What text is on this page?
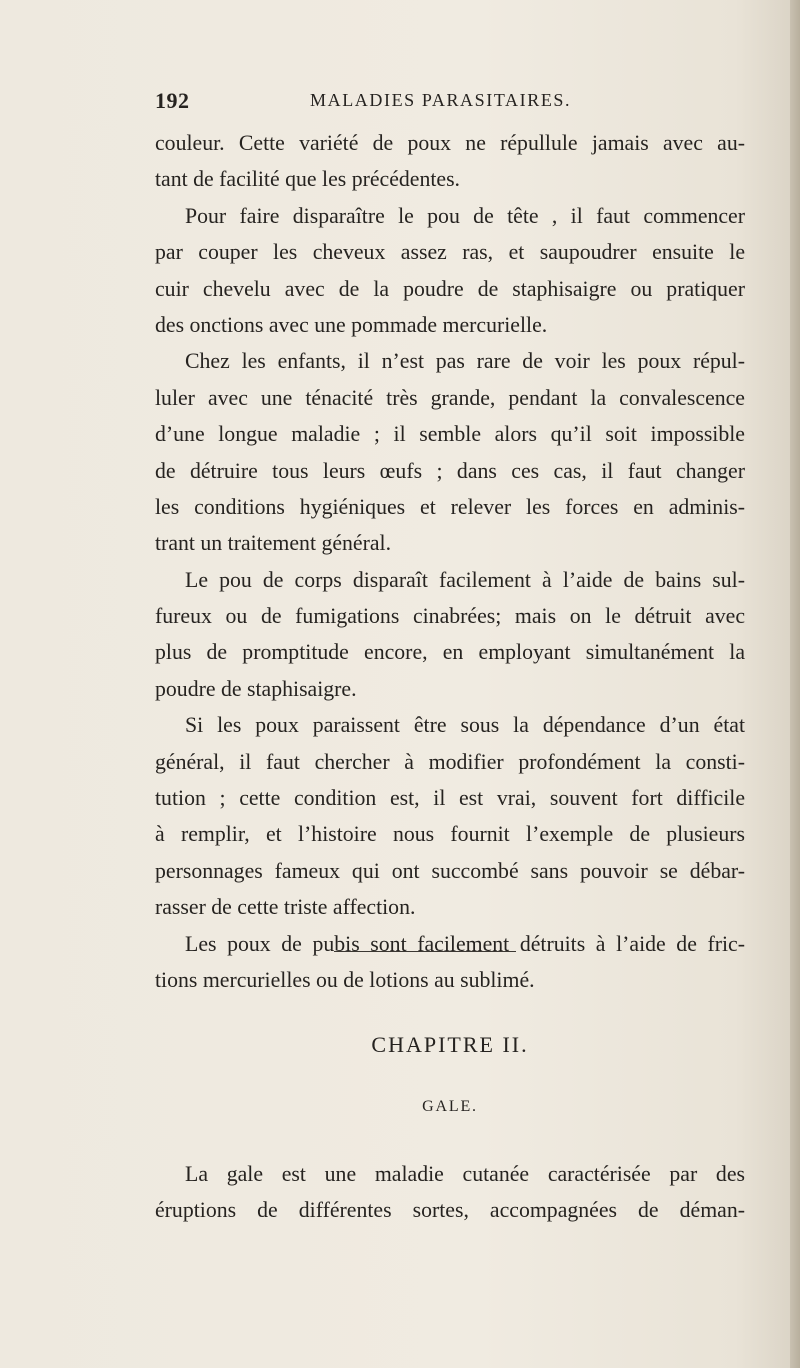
192	MALADIES PARASITAIRES.
couleur. Cette variété de poux ne répullule jamais avec au-
tant de facilité que les précédentes.
Pour faire disparaître le pou de tête , il faut commencer
par couper les cheveux assez ras, et saupoudrer ensuite le
cuir chevelu avec de la poudre de staphisaigre ou pratiquer
des onctions avec une pommade mercurielle.
Chez les enfants, il n’est pas rare de voir les poux répul-
luler avec une ténacité très grande, pendant la convalescence
d’une longue maladie ; il semble alors qu’il soit impossible
de détruire tous leurs œufs ; dans ces cas, il faut changer
les conditions hygiéniques et relever les forces en adminis-
trant un traitement général.
Le pou de corps disparaît facilement à l’aide de bains sul-
fureux ou de fumigations cinabrées; mais on le détruit avec
plus de promptitude encore, en employant simultanément la
poudre de staphisaigre.
Si les poux paraissent être sous la dépendance d’un état
général, il faut chercher à modifier profondément la consti-
tution ; cette condition est, il est vrai, souvent fort difficile
à remplir, et l’histoire nous fournit l’exemple de plusieurs
personnages fameux qui ont succombé sans pouvoir se débar-
rasser de cette triste affection.
Les poux de pubis sont facilement détruits à l’aide de fric-
tions mercurielles ou de lotions au sublimé.
CHAPITRE II.
GALE.
La gale est une maladie cutanée caractérisée par des
éruptions de différentes sortes, accompagnées de déman-
